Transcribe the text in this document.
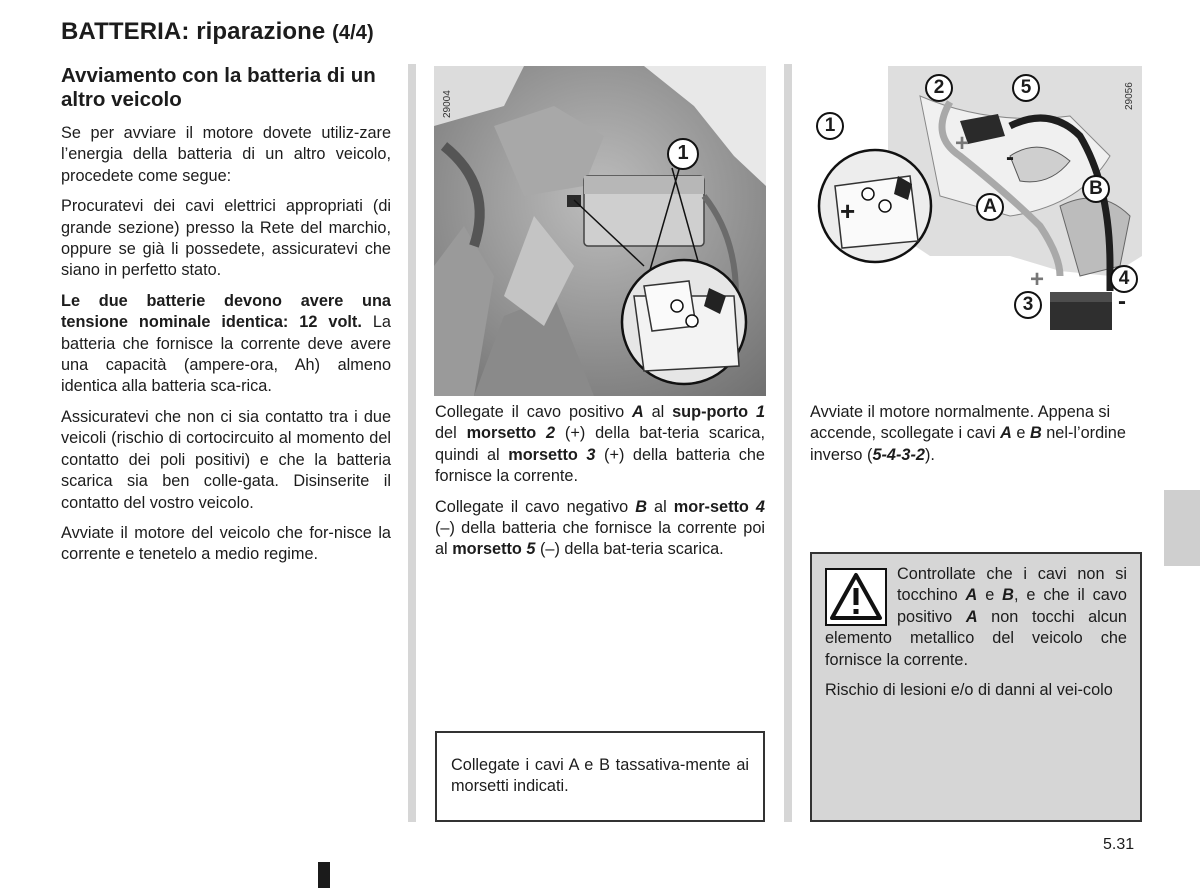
BATTERIA: riparazione (4/4)
Avviamento con la batteria di un altro veicolo

Se per avviare il motore dovete utiliz-zare l’energia della batteria di un altro veicolo, procedete come segue:

Procuratevi dei cavi elettrici appropriati (di grande sezione) presso la Rete del marchio, oppure se già li possedete, assicuratevi che siano in perfetto stato.

Le due batterie devono avere una tensione nominale identica: 12 volt. La batteria che fornisce la corrente deve avere una capacità (ampere-ora, Ah) almeno identica alla batteria sca-rica.

Assicuratevi che non ci sia contatto tra i due veicoli (rischio di cortocircuito al momento del contatto dei poli positivi) e che la batteria scarica sia ben colle-gata. Disinserite il contatto del vostro veicolo.

Avviate il motore del veicolo che for-nisce la corrente e tenetelo a medio regime.

29004
1
29056
1
2	5
A
B
4
3
+
+
-
+
-

Collegate il cavo positivo A al sup-porto 1 del morsetto 2 (+) della bat-teria scarica, quindi al morsetto 3 (+) della batteria che fornisce la corrente.

Collegate il cavo negativo B al mor-setto 4 (–) della batteria che fornisce la corrente poi al morsetto 5 (–) della bat-teria scarica.

Collegate i cavi A e B tassativa-mente ai morsetti indicati.

Avviate il motore normalmente. Appena si accende, scollegate i cavi A e B nel-l’ordine inverso (5-4-3-2).

Controllate che i cavi non si tocchino A e B, e che il cavo positivo A non tocchi alcun elemento metallico del veicolo che fornisce la corrente.

Rischio di lesioni e/o di danni al vei-colo

5.31
